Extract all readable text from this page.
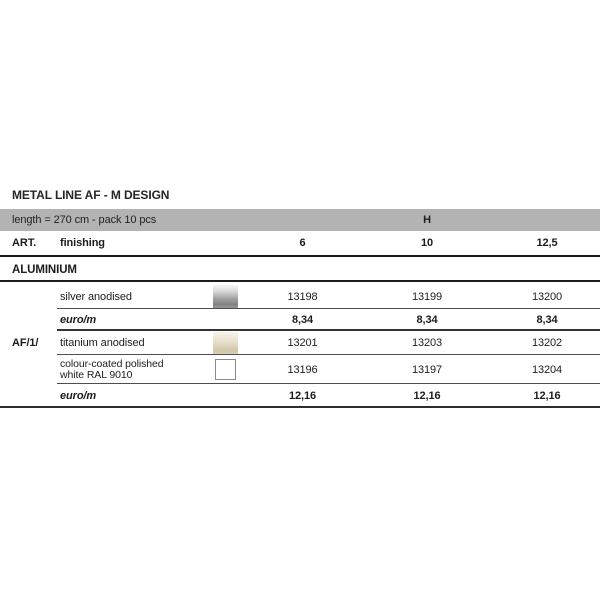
METAL LINE AF - M DESIGN
length = 270 cm - pack 10 pcs	H
ART.	finishing	6	10	12,5
ALUMINIUM
silver anodised	13198	13199	13200
euro/m	8,34	8,34	8,34
AF/1/	titanium anodised	13201	13203	13202
colour-coated polished
white RAL 9010	13196	13197	13204
euro/m	12,16	12,16	12,16
